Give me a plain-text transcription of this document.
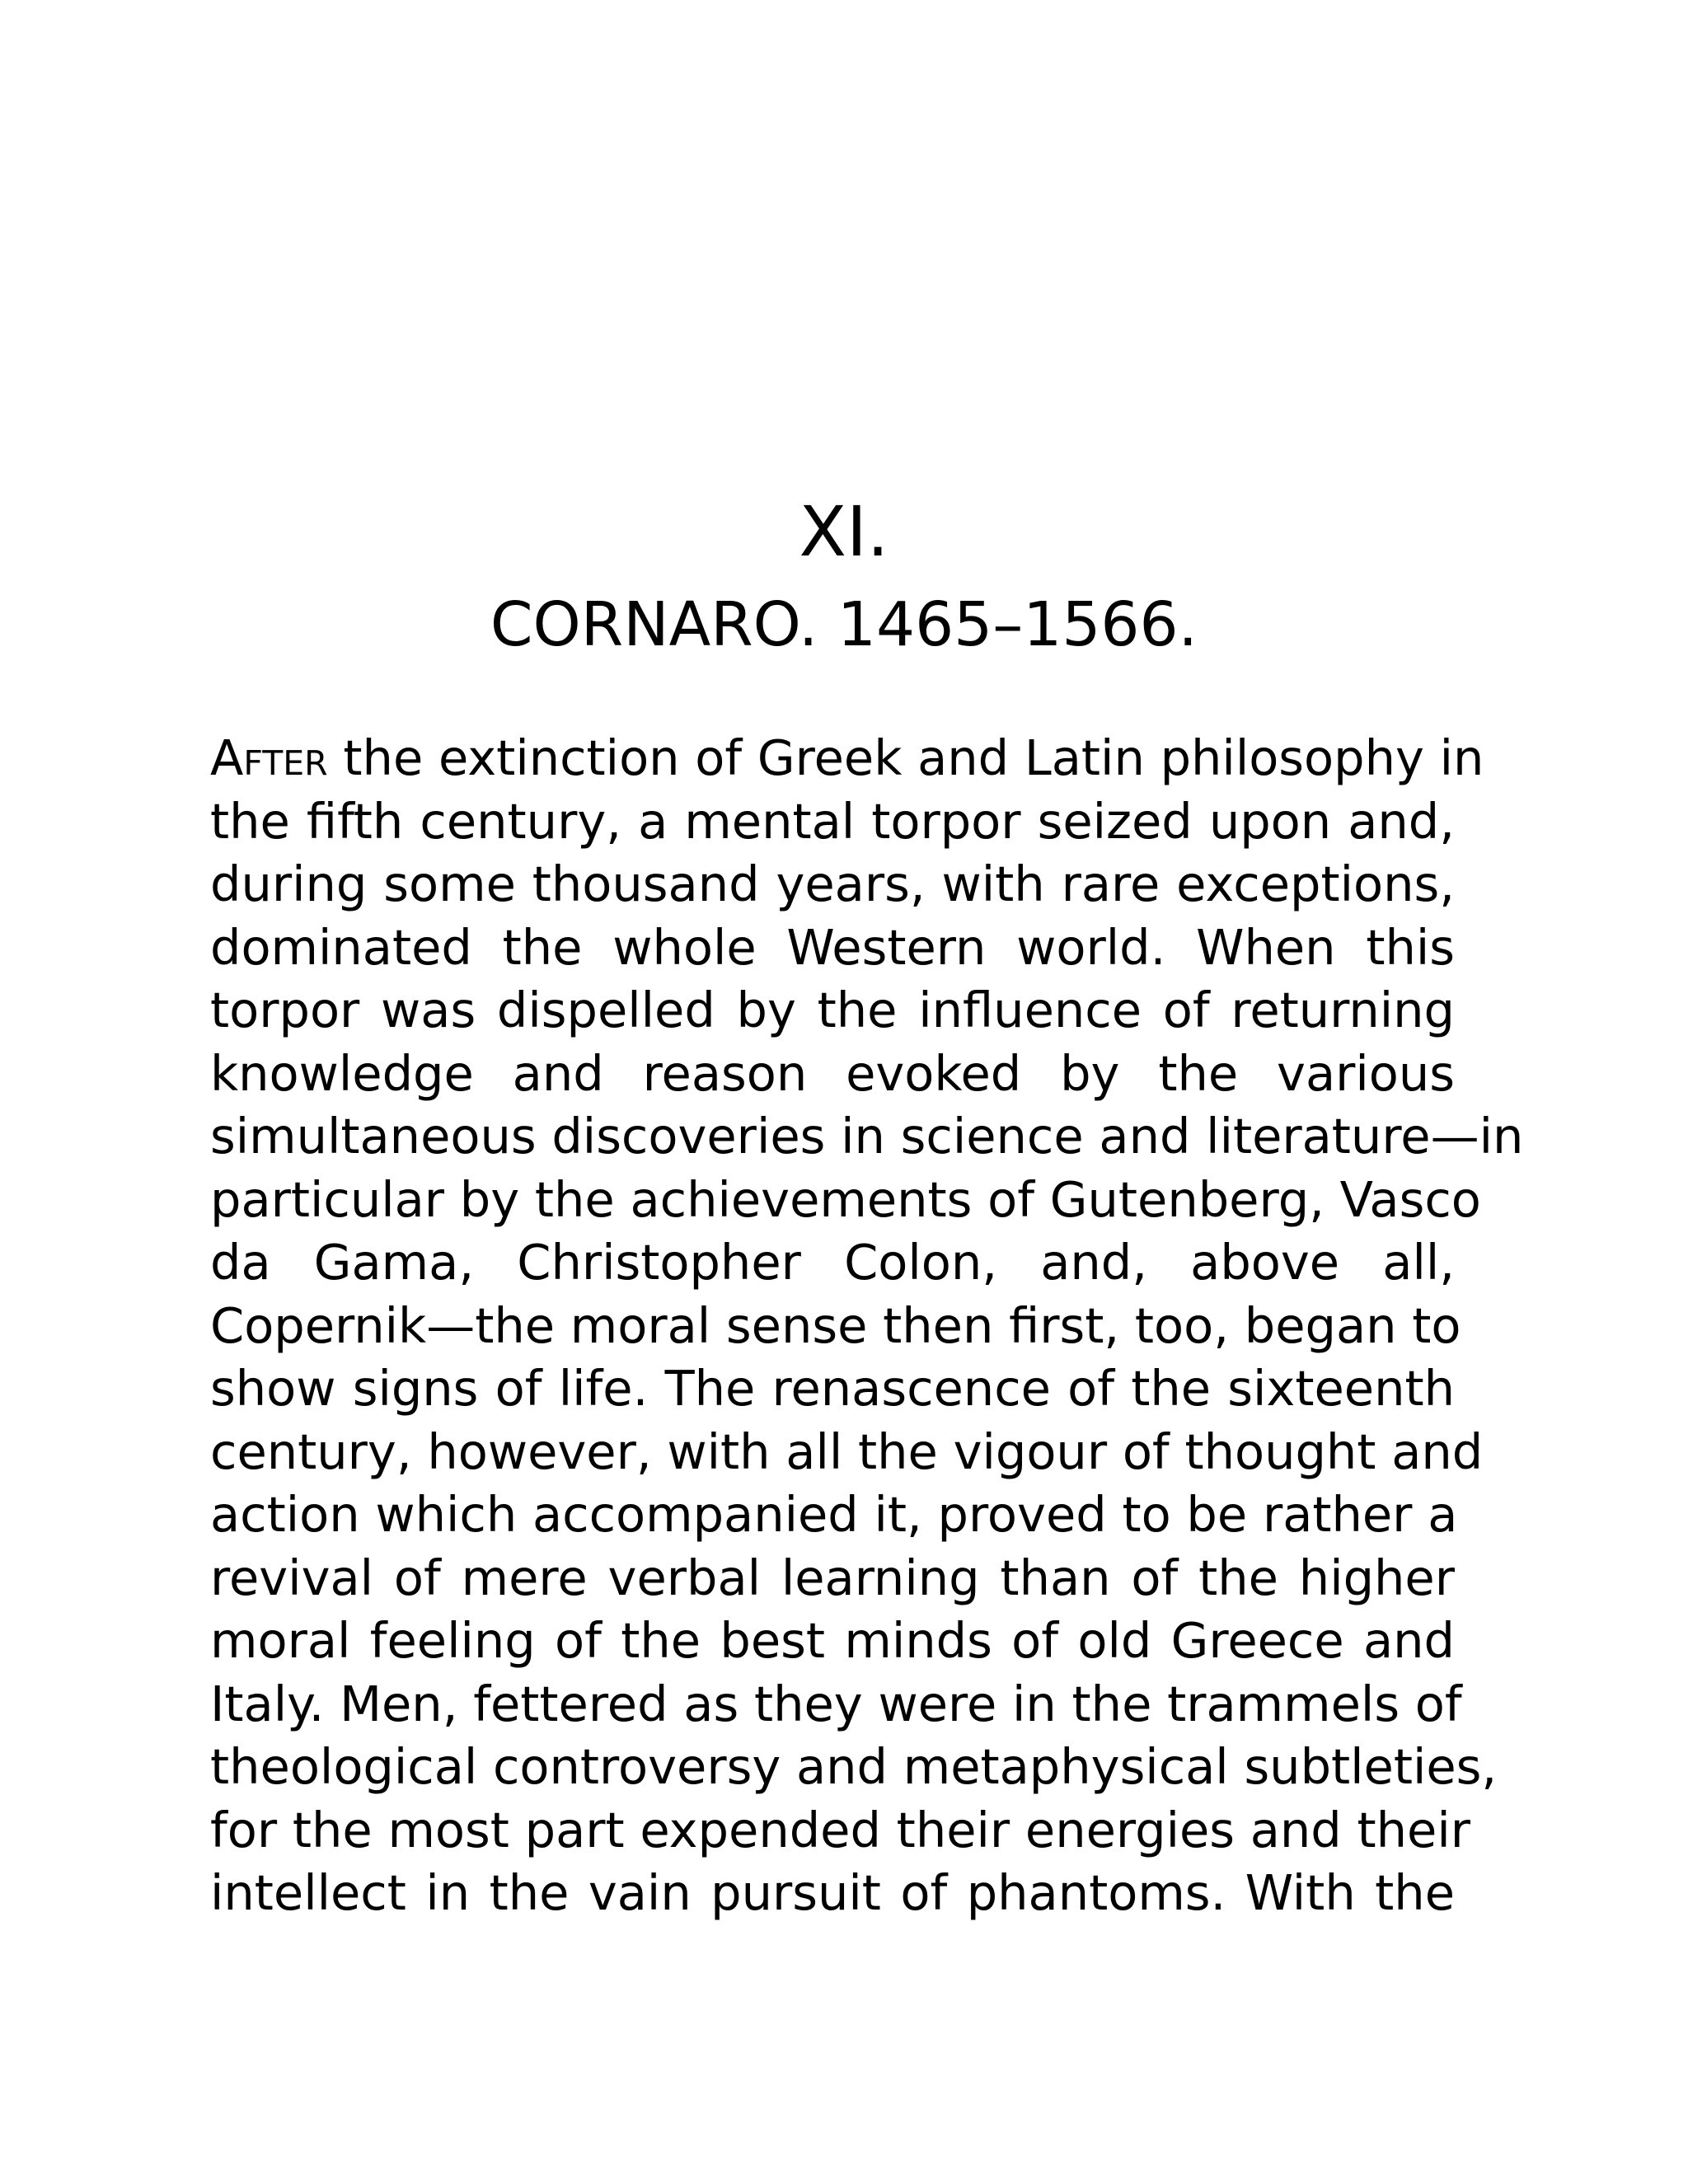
XI.
CORNARO. 1465–1566.
After the extinction of Greek and Latin philosophy in
the fifth century, a mental torpor seized upon and,
during some thousand years, with rare exceptions,
dominated the whole Western world. When this
torpor was dispelled by the influence of returning
knowledge and reason evoked by the various
simultaneous discoveries in science and literature—in
particular by the achievements of Gutenberg, Vasco
da Gama, Christopher Colon, and, above all,
Copernik—the moral sense then first, too, began to
show signs of life. The renascence of the sixteenth
century, however, with all the vigour of thought and
action which accompanied it, proved to be rather a
revival of mere verbal learning than of the higher
moral feeling of the best minds of old Greece and
Italy. Men, fettered as they were in the trammels of
theological controversy and metaphysical subtleties,
for the most part expended their energies and their
intellect in the vain pursuit of phantoms. With the
